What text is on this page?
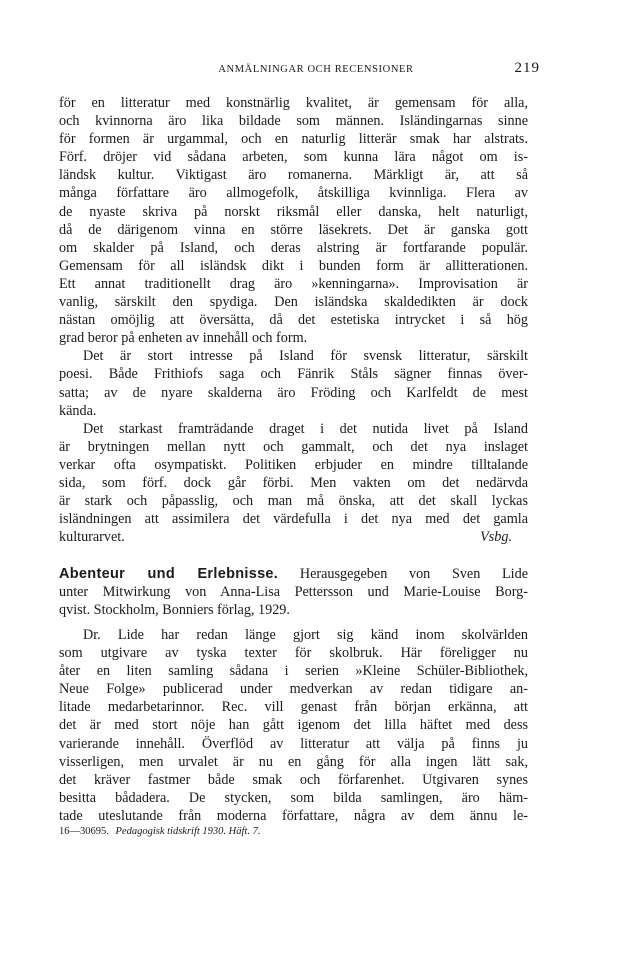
ANMÄLNINGAR OCH RECENSIONER	219
för en litteratur med konstnärlig kvalitet, är gemensam för alla,
och kvinnorna äro lika bildade som männen. Isländingarnas sinne
för formen är urgammal, och en naturlig litterär smak har alstrats.
Förf. dröjer vid sådana arbeten, som kunna lära något om is-
ländsk kultur. Viktigast äro romanerna. Märkligt är, att så
många författare äro allmogefolk, åtskilliga kvinnliga. Flera av
de nyaste skriva på norskt riksmål eller danska, helt naturligt,
då de därigenom vinna en större läsekrets. Det är ganska gott
om skalder på Island, och deras alstring är fortfarande populär.
Gemensam för all isländsk dikt i bunden form är allitterationen.
Ett annat traditionellt drag äro »kenningarna». Improvisation är
vanlig, särskilt den spydiga. Den isländska skaldedikten är dock
nästan omöjlig att översätta, då det estetiska intrycket i så hög
grad beror på enheten av innehåll och form.
Det är stort intresse på Island för svensk litteratur, särskilt
poesi. Både Frithiofs saga och Fänrik Ståls sägner finnas över-
satta; av de nyare skalderna äro Fröding och Karlfeldt de mest
kända.
Det starkast framträdande draget i det nutida livet på Island
är brytningen mellan nytt och gammalt, och det nya inslaget
verkar ofta osympatiskt. Politiken erbjuder en mindre tilltalande
sida, som förf. dock går förbi. Men vakten om det nedärvda
är stark och påpasslig, och man må önska, att det skall lyckas
isländningen att assimilera det värdefulla i det nya med det gamla
kulturarvet.	Vsbg.
Abenteur und Erlebnisse. Herausgegeben von Sven Lide
unter Mitwirkung von Anna-Lisa Pettersson und Marie-Louise Borg-
qvist. Stockholm, Bonniers förlag, 1929.
Dr. Lide har redan länge gjort sig känd inom skolvärlden
som utgivare av tyska texter för skolbruk. Här föreligger nu
åter en liten samling sådana i serien »Kleine Schüler-Bibliothek,
Neue Folge» publicerad under medverkan av redan tidigare an-
litade medarbetarinnor. Rec. vill genast från början erkänna, att
det är med stort nöje han gått igenom det lilla häftet med dess
varierande innehåll. Överflöd av litteratur att välja på finns ju
visserligen, men urvalet är nu en gång för alla ingen lätt sak,
det kräver fastmer både smak och förfarenhet. Utgivaren synes
besitta bådadera. De stycken, som bilda samlingen, äro häm-
tade uteslutande från moderna författare, några av dem ännu le-
16—30695. Pedagogisk tidskrift 1930. Häft. 7.
